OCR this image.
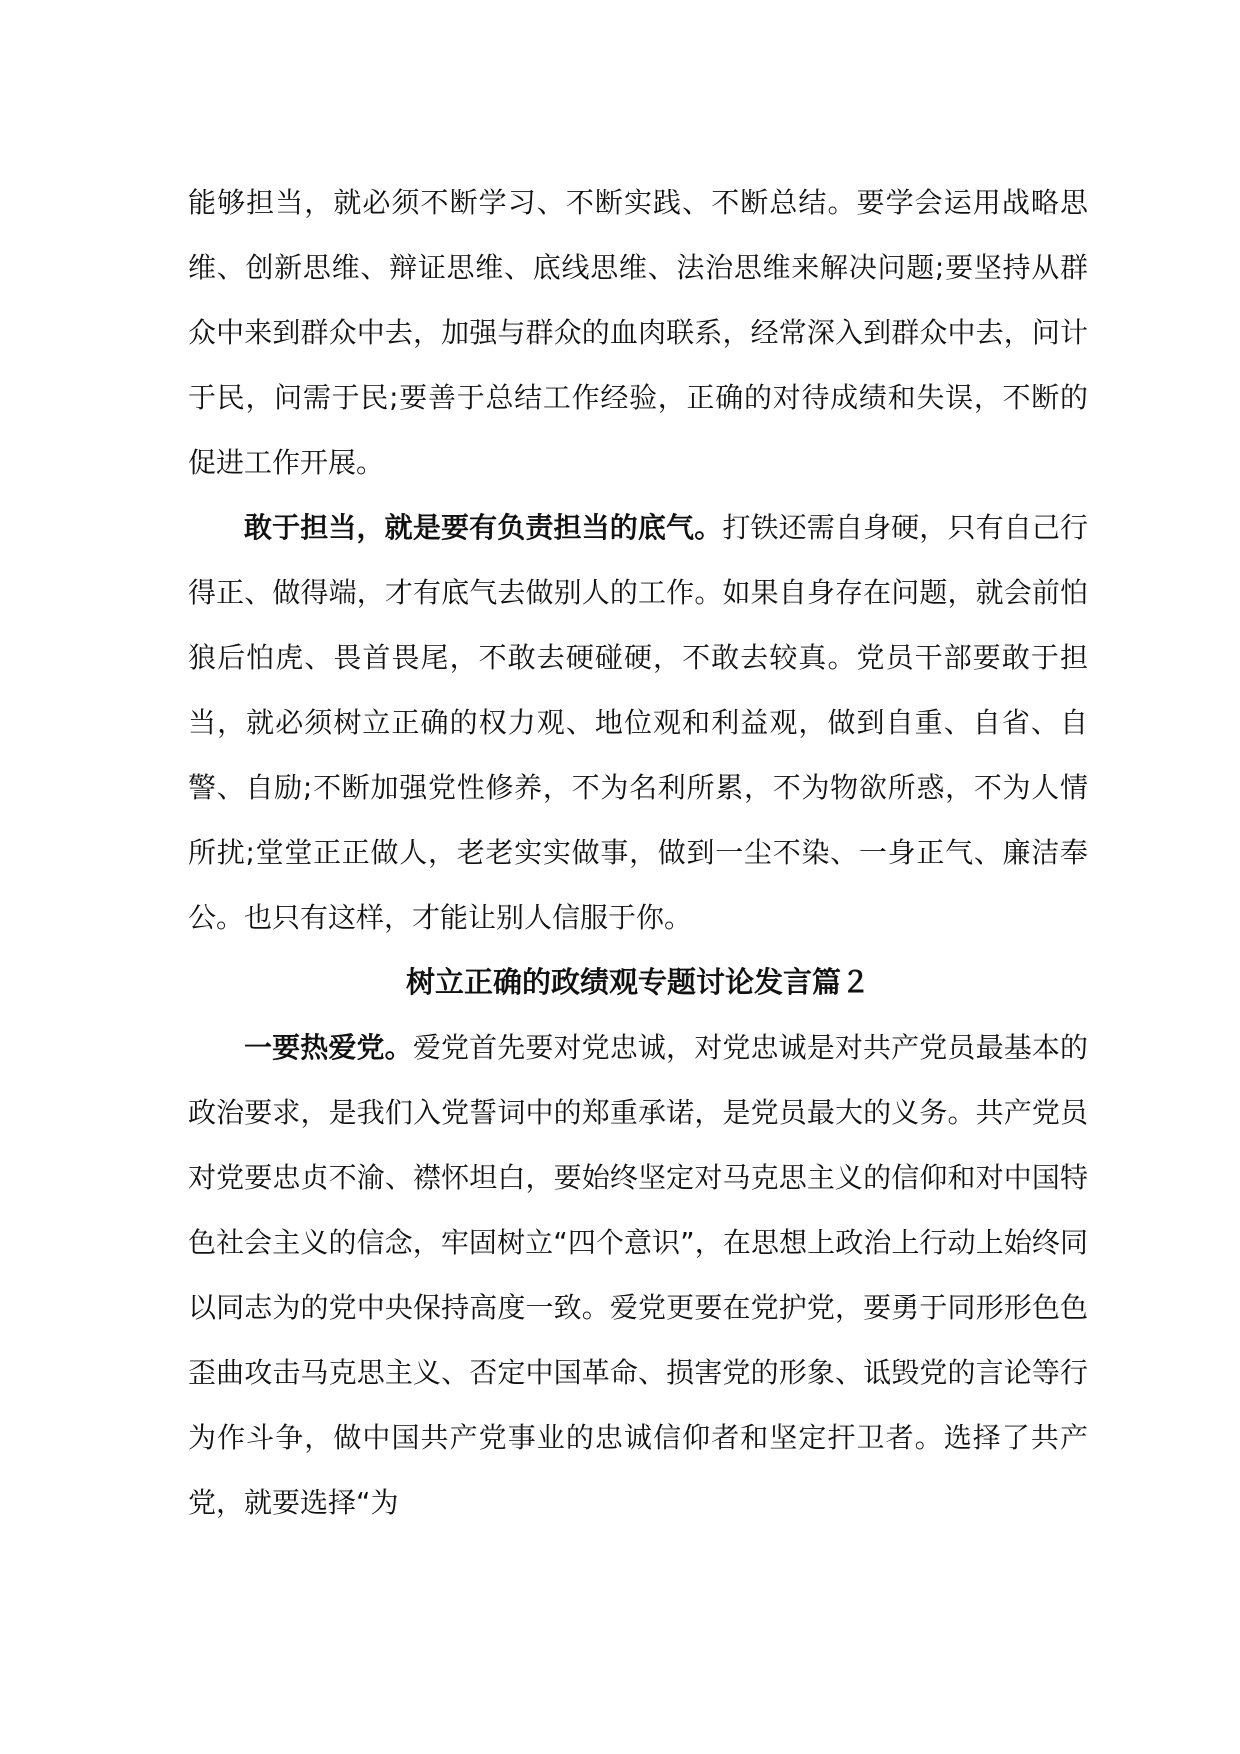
能够担当，就必须不断学习、不断实践、不断总结。要学会运用战略思维、创新思维、辩证思维、底线思维、法治思维来解决问题;要坚持从群众中来到群众中去，加强与群众的血肉联系，经常深入到群众中去，问计于民，问需于民;要善于总结工作经验，正确的对待成绩和失误，不断的促进工作开展。

敢于担当，就是要有负责担当的底气。打铁还需自身硬，只有自己行得正、做得端，才有底气去做别人的工作。如果自身存在问题，就会前怕狼后怕虎、畏首畏尾，不敢去硬碰硬，不敢去较真。党员干部要敢于担当，就必须树立正确的权力观、地位观和利益观，做到自重、自省、自警、自励;不断加强党性修养，不为名利所累，不为物欲所惑，不为人情所扰;堂堂正正做人，老老实实做事，做到一尘不染、一身正气、廉洁奉公。也只有这样，才能让别人信服于你。

树立正确的政绩观专题讨论发言篇２

一要热爱党。爱党首先要对党忠诚，对党忠诚是对共产党员最基本的政治要求，是我们入党誓词中的郑重承诺，是党员最大的义务。共产党员对党要忠贞不渝、襟怀坦白，要始终坚定对马克思主义的信仰和对中国特色社会主义的信念，牢固树立“四个意识”，在思想上政治上行动上始终同以同志为的党中央保持高度一致。爱党更要在党护党，要勇于同形形色色歪曲攻击马克思主义、否定中国革命、损害党的形象、诋毁党的言论等行为作斗争，做中国共产党事业的忠诚信仰者和坚定扞卫者。选择了共产党，就要选择“为
